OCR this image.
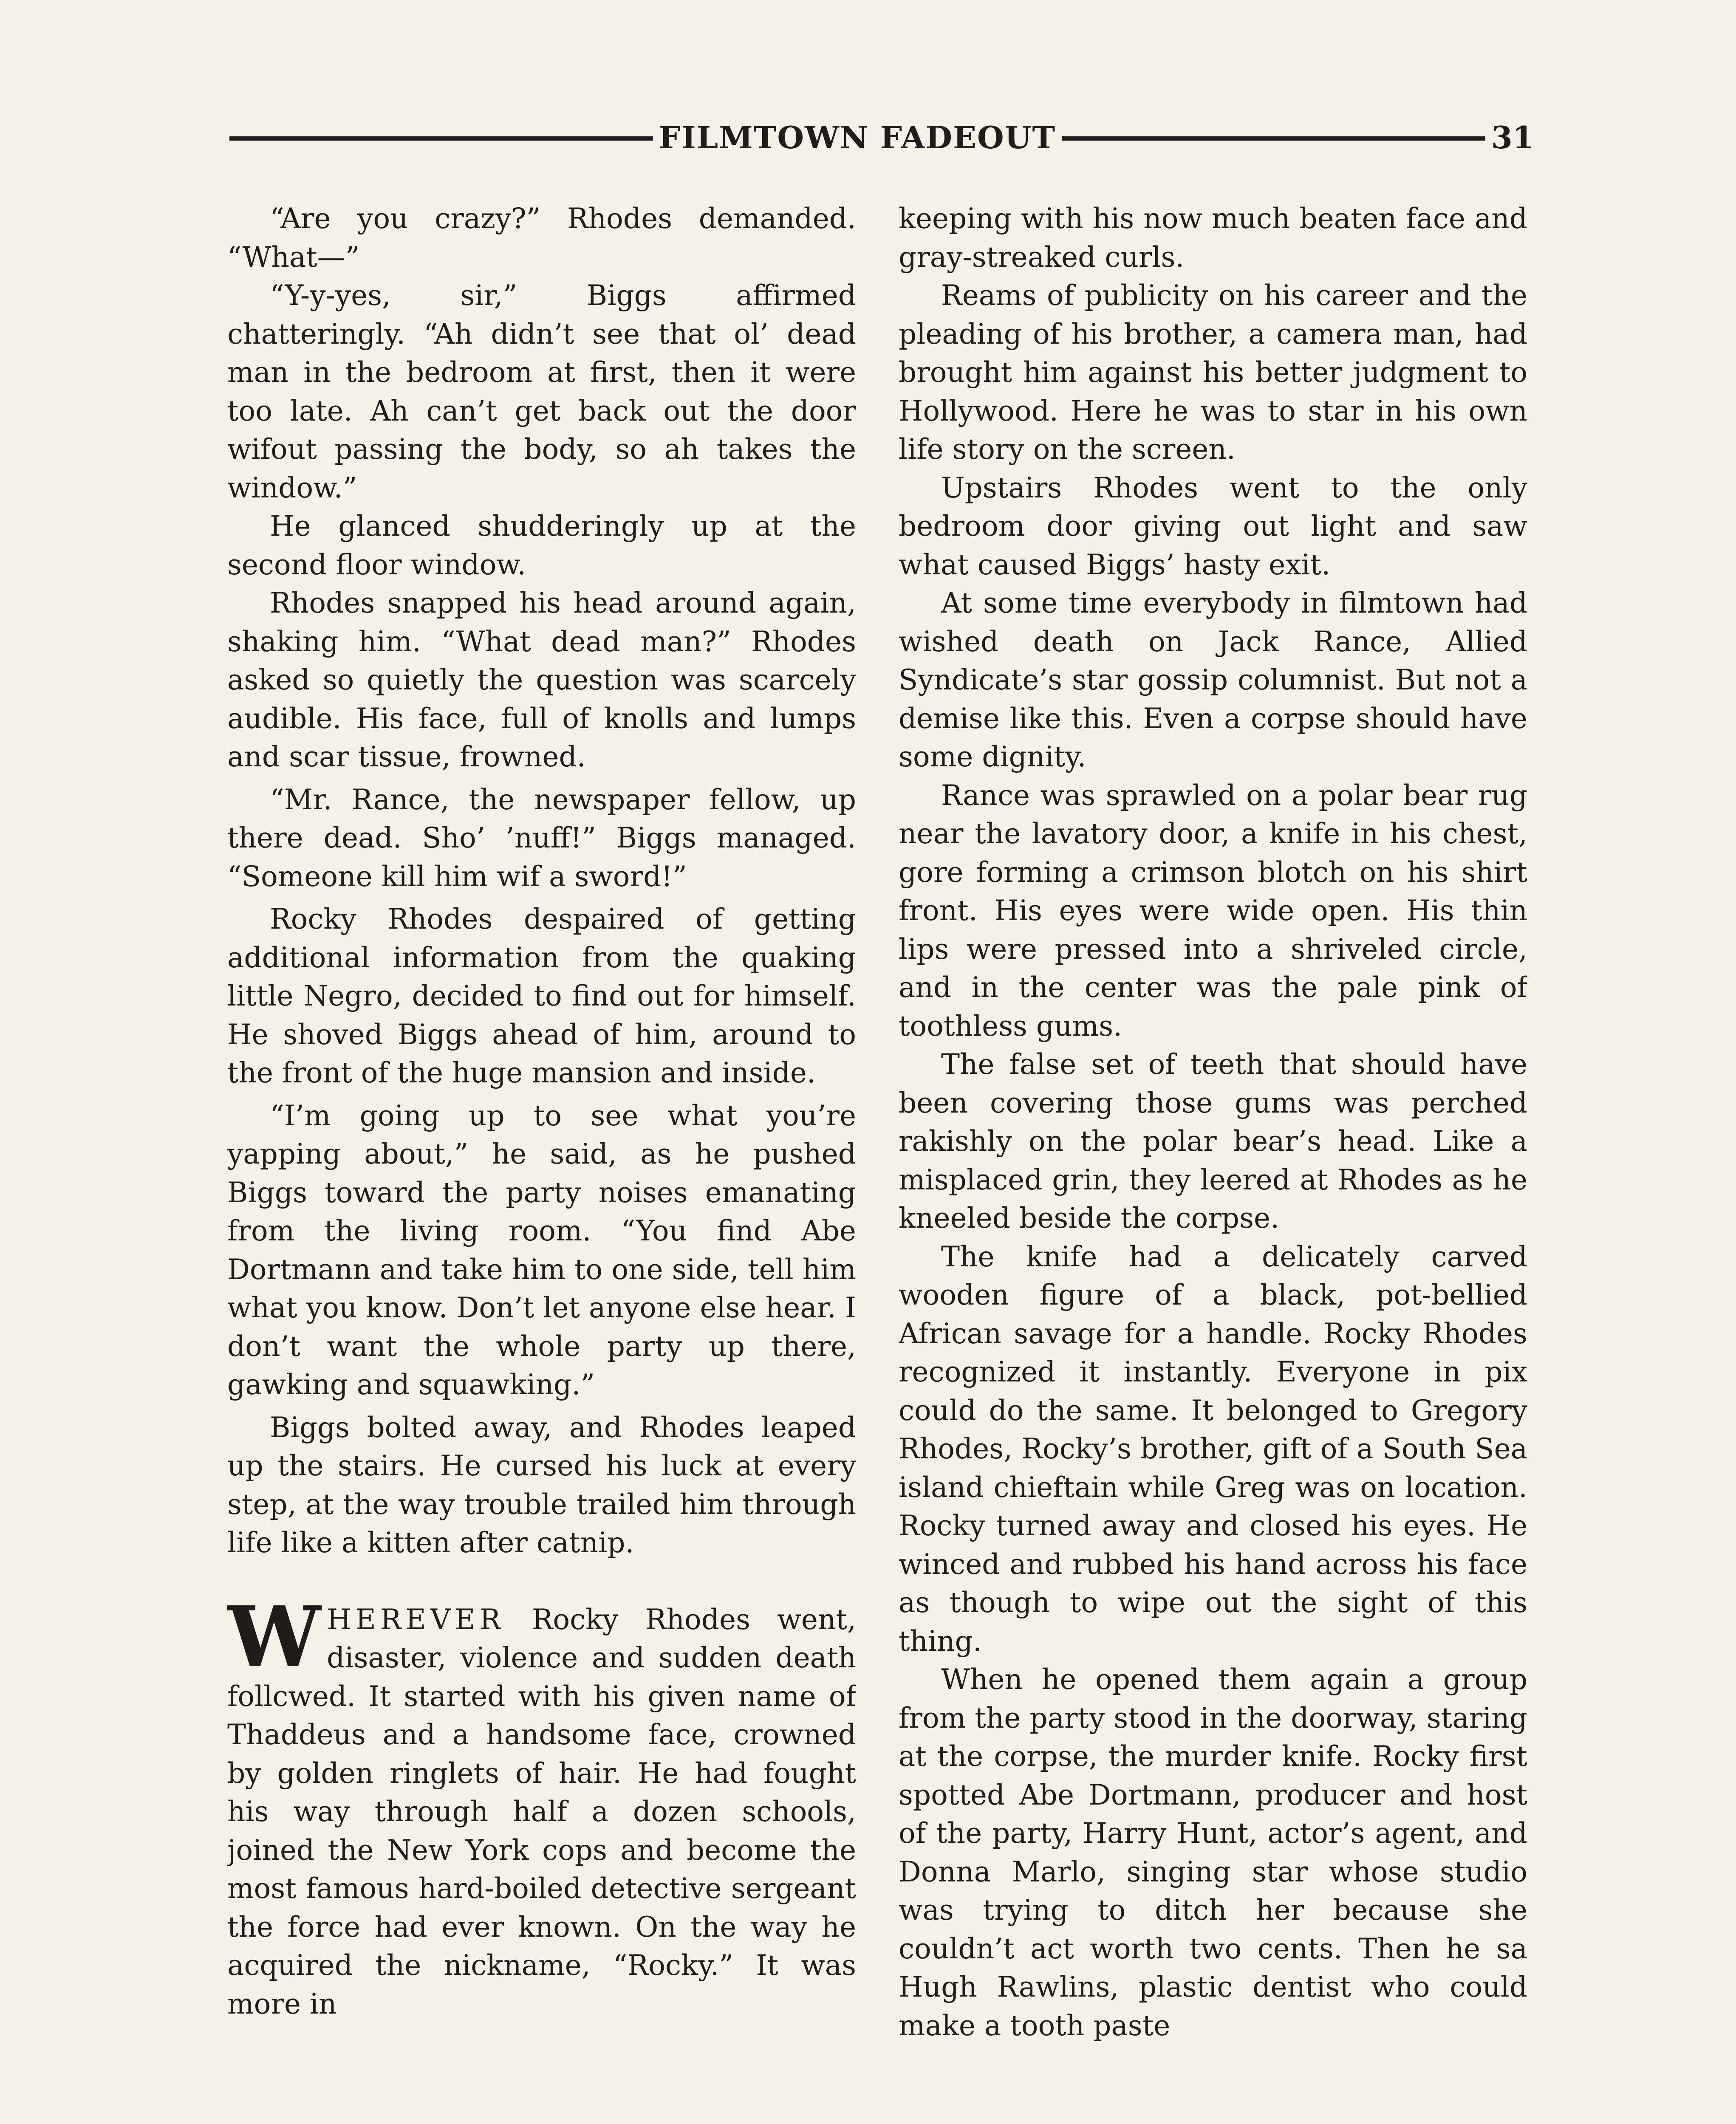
FILMTOWN FADEOUT	31

“Are you crazy?” Rhodes demanded. “What—”

“Y-y-yes, sir,” Biggs affirmed chatteringly. “Ah didn’t see that ol’ dead man in the bedroom at first, then it were too late. Ah can’t get back out the door wifout passing the body, so ah takes the window.”

He glanced shudderingly up at the second floor window.

Rhodes snapped his head around again, shaking him. “What dead man?” Rhodes asked so quietly the question was scarcely audible. His face, full of knolls and lumps and scar tissue, frowned.

“Mr. Rance, the newspaper fellow, up there dead. Sho’ ’nuff!” Biggs managed. “Someone kill him wif a sword!”

Rocky Rhodes despaired of getting additional information from the quaking little Negro, decided to find out for himself. He shoved Biggs ahead of him, around to the front of the huge mansion and inside.

“I’m going up to see what you’re yapping about,” he said, as he pushed Biggs toward the party noises emanating from the living room. “You find Abe Dortmann and take him to one side, tell him what you know. Don’t let anyone else hear. I don’t want the whole party up there, gawking and squawking.”

Biggs bolted away, and Rhodes leaped up the stairs. He cursed his luck at every step, at the way trouble trailed him through life like a kitten after catnip.

WHEREVER Rocky Rhodes went, disaster, violence and sudden death follcwed. It started with his given name of Thaddeus and a handsome face, crowned by golden ringlets of hair. He had fought his way through half a dozen schools, joined the New York cops and become the most famous hard-boiled detective sergeant the force had ever known. On the way he acquired the nickname, “Rocky.” It was more in

keeping with his now much beaten face and gray-streaked curls.

Reams of publicity on his career and the pleading of his brother, a camera man, had brought him against his better judgment to Hollywood. Here he was to star in his own life story on the screen.

Upstairs Rhodes went to the only bedroom door giving out light and saw what caused Biggs’ hasty exit.

At some time everybody in filmtown had wished death on Jack Rance, Allied Syndicate’s star gossip columnist. But not a demise like this. Even a corpse should have some dignity.

Rance was sprawled on a polar bear rug near the lavatory door, a knife in his chest, gore forming a crimson blotch on his shirt front. His eyes were wide open. His thin lips were pressed into a shriveled circle, and in the center was the pale pink of toothless gums.

The false set of teeth that should have been covering those gums was perched rakishly on the polar bear’s head. Like a misplaced grin, they leered at Rhodes as he kneeled beside the corpse.

The knife had a delicately carved wooden figure of a black, pot-bellied African savage for a handle. Rocky Rhodes recognized it instantly. Everyone in pix could do the same. It belonged to Gregory Rhodes, Rocky’s brother, gift of a South Sea island chieftain while Greg was on location. Rocky turned away and closed his eyes. He winced and rubbed his hand across his face as though to wipe out the sight of this thing.

When he opened them again a group from the party stood in the doorway, staring at the corpse, the murder knife. Rocky first spotted Abe Dortmann, producer and host of the party, Harry Hunt, actor’s agent, and Donna Marlo, singing star whose studio was trying to ditch her because she couldn’t act worth two cents. Then he sa Hugh Rawlins, plastic dentist who could make a tooth paste
